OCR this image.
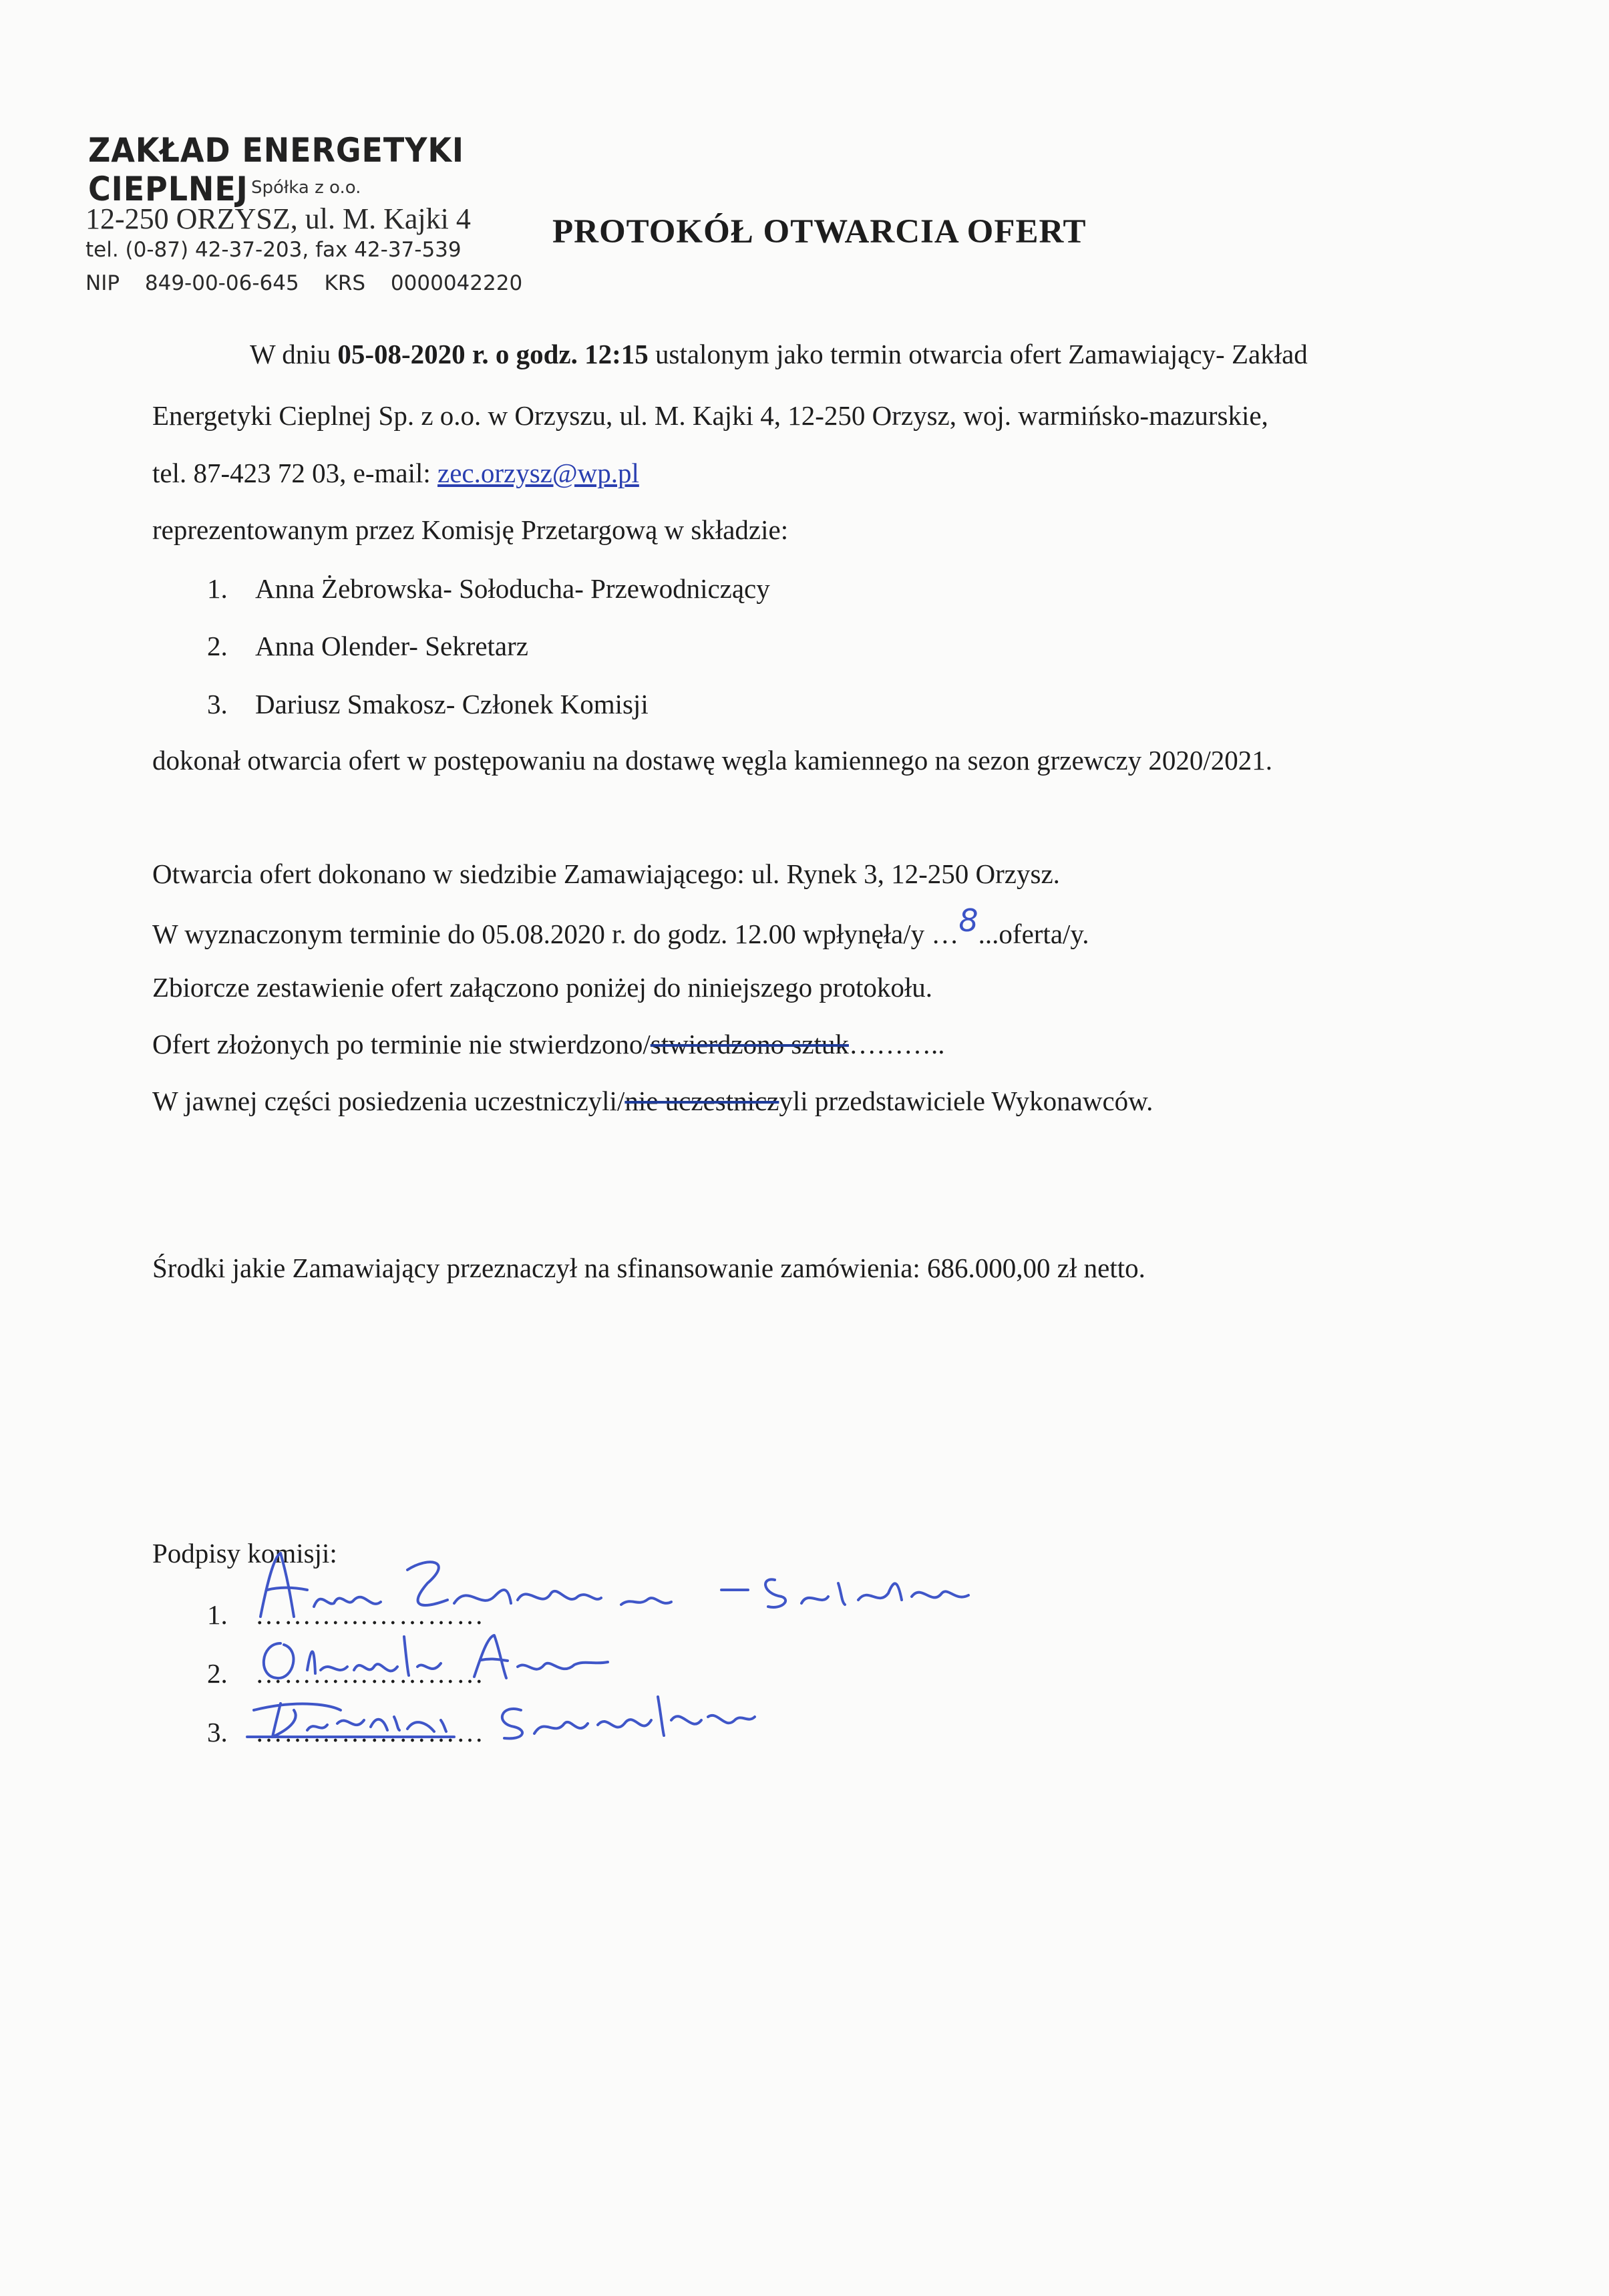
ZAKŁAD ENERGETYKI CIEPLNEJ Spółka z o.o.
12-250 ORZYSZ, ul. M. Kajki 4
tel. (0-87) 42-37-203, fax 42-37-539
NIP 849-00-06-645 KRS 0000042220
PROTOKÓŁ OTWARCIA OFERT
W dniu 05-08-2020 r. o godz. 12:15 ustalonym jako termin otwarcia ofert Zamawiający- Zakład
Energetyki Cieplnej Sp. z o.o. w Orzyszu, ul. M. Kajki 4, 12-250 Orzysz, woj. warmińsko-mazurskie,
tel. 87-423 72 03, e-mail: zec.orzysz@wp.pl
reprezentowanym przez Komisję Przetargową w składzie:
1. Anna Żebrowska- Sołoducha- Przewodniczący
2. Anna Olender- Sekretarz
3. Dariusz Smakosz- Członek Komisji
dokonał otwarcia ofert w postępowaniu na dostawę węgla kamiennego na sezon grzewczy 2020/2021.
Otwarcia ofert dokonano w siedzibie Zamawiającego: ul. Rynek 3, 12-250 Orzysz.
W wyznaczonym terminie do 05.08.2020 r. do godz. 12.00 wpłynęła/y …8...oferta/y.
Zbiorcze zestawienie ofert załączono poniżej do niniejszego protokołu.
Ofert złożonych po terminie nie stwierdzono/stwierdzono sztuk………..
W jawnej części posiedzenia uczestniczyli/nie uczestniczyli przedstawiciele Wykonawców.
Środki jakie Zamawiający przeznaczył na sfinansowanie zamówienia: 686.000,00 zł netto.
Podpisy komisji:
1. ……………………
2. ……………………
3. ……………………
